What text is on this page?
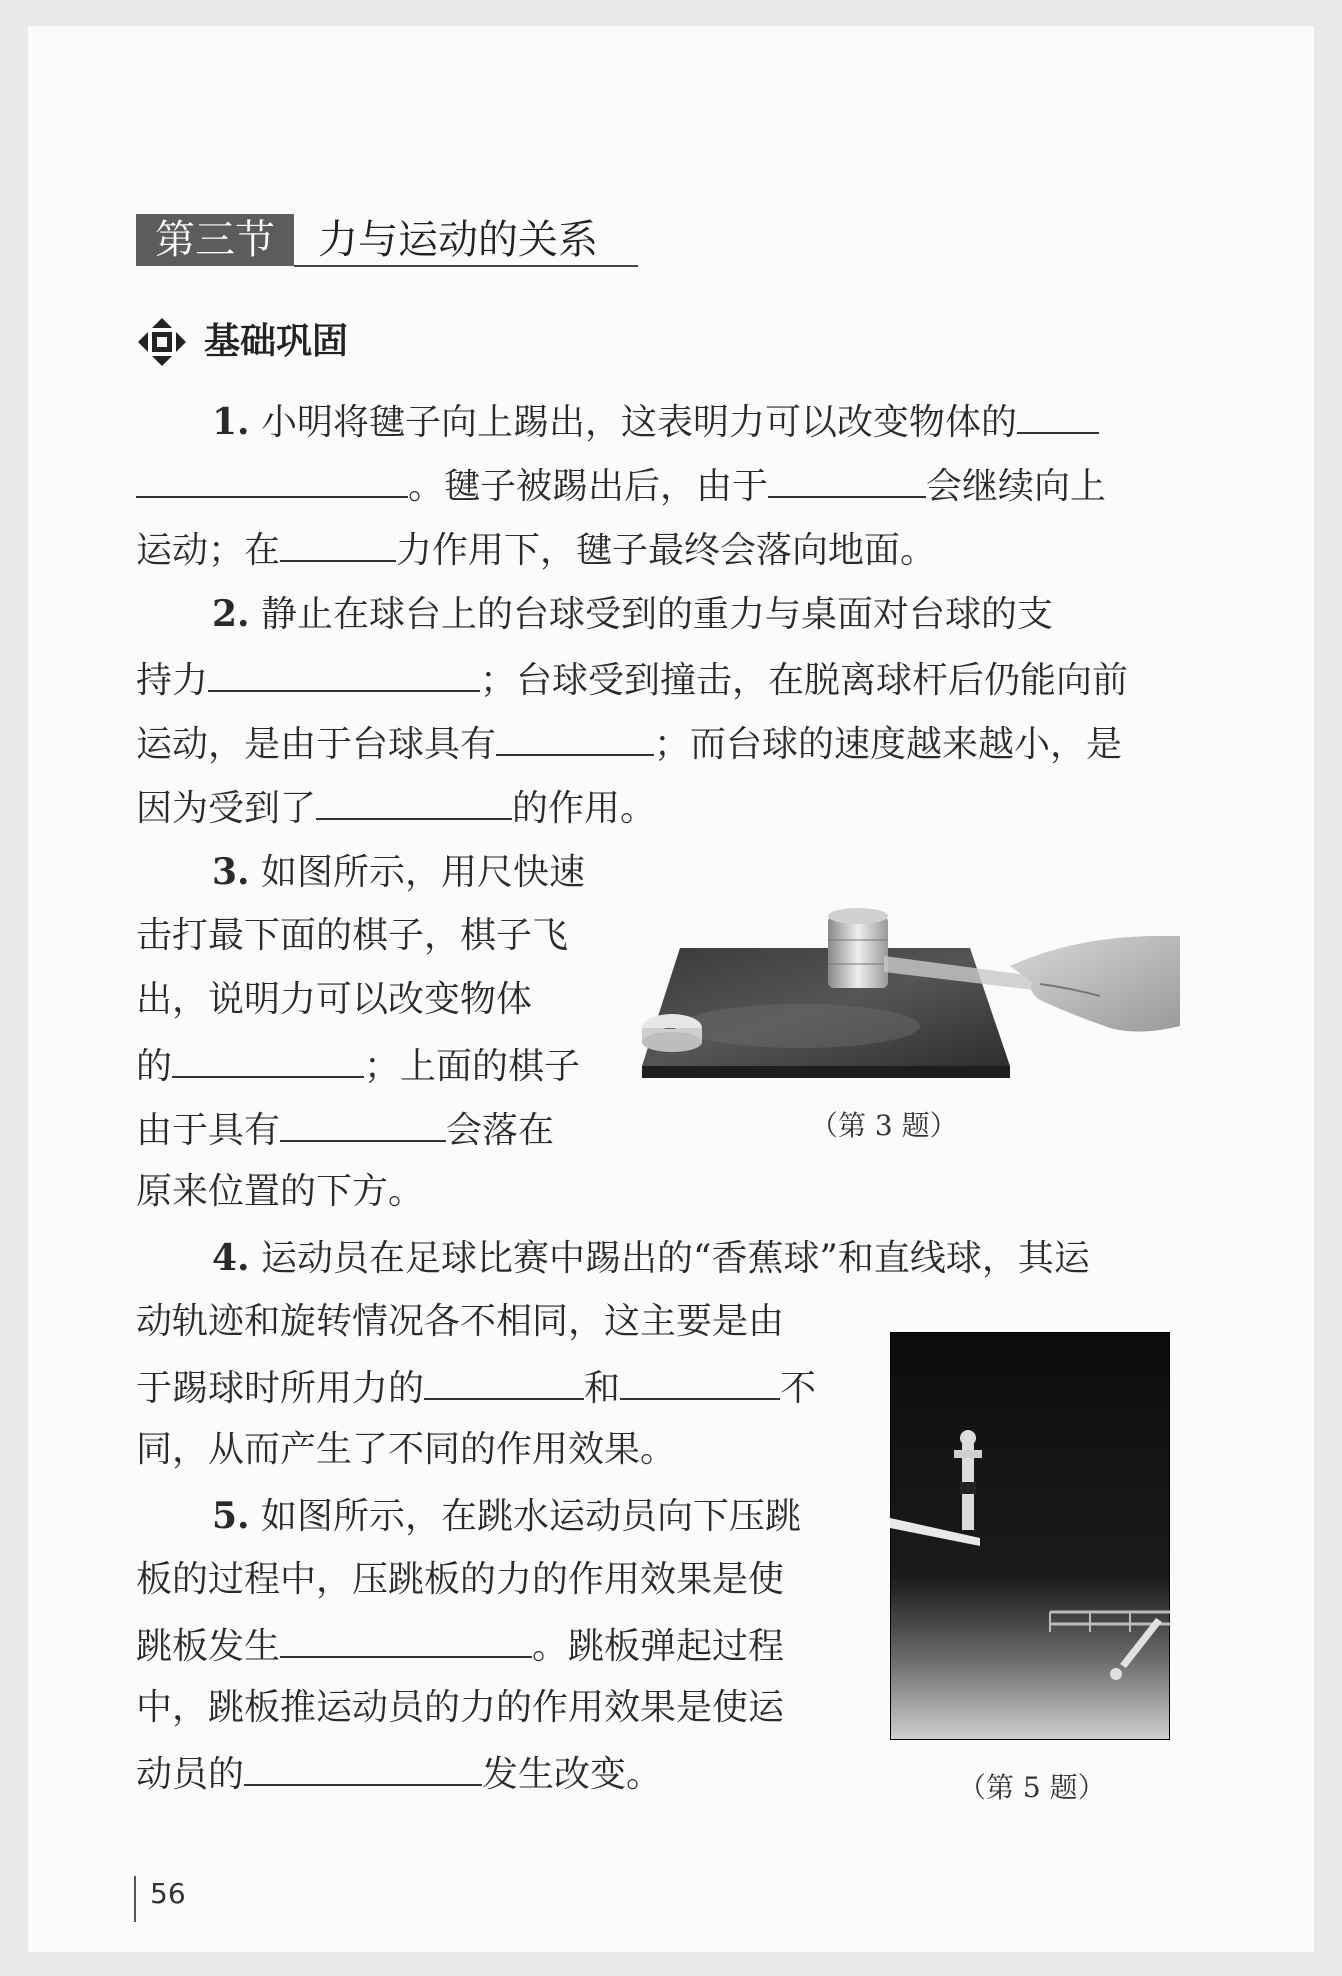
第三节	力与运动的关系
基础巩固
1. 小明将毽子向上踢出，这表明力可以改变物体的
。毽子被踢出后，由于	会继续向上
运动；在	力作用下，毽子最终会落向地面。
2. 静止在球台上的台球受到的重力与桌面对台球的支
持力	；台球受到撞击，在脱离球杆后仍能向前
运动，是由于台球具有	；而台球的速度越来越小，是
因为受到了	的作用。
3. 如图所示，用尺快速
击打最下面的棋子，棋子飞
出，说明力可以改变物体
的	；上面的棋子
由于具有	会落在
原来位置的下方。
—
（第 3 题）
4. 运动员在足球比赛中踢出的“香蕉球”和直线球，其运
动轨迹和旋转情况各不相同，这主要是由
于踢球时所用力的	和	不
同，从而产生了不同的作用效果。
5. 如图所示，在跳水运动员向下压跳
板的过程中，压跳板的力的作用效果是使
跳板发生	。跳板弹起过程
中，跳板推运动员的力的作用效果是使运
动员的	发生改变。	（第 5 题）
56
